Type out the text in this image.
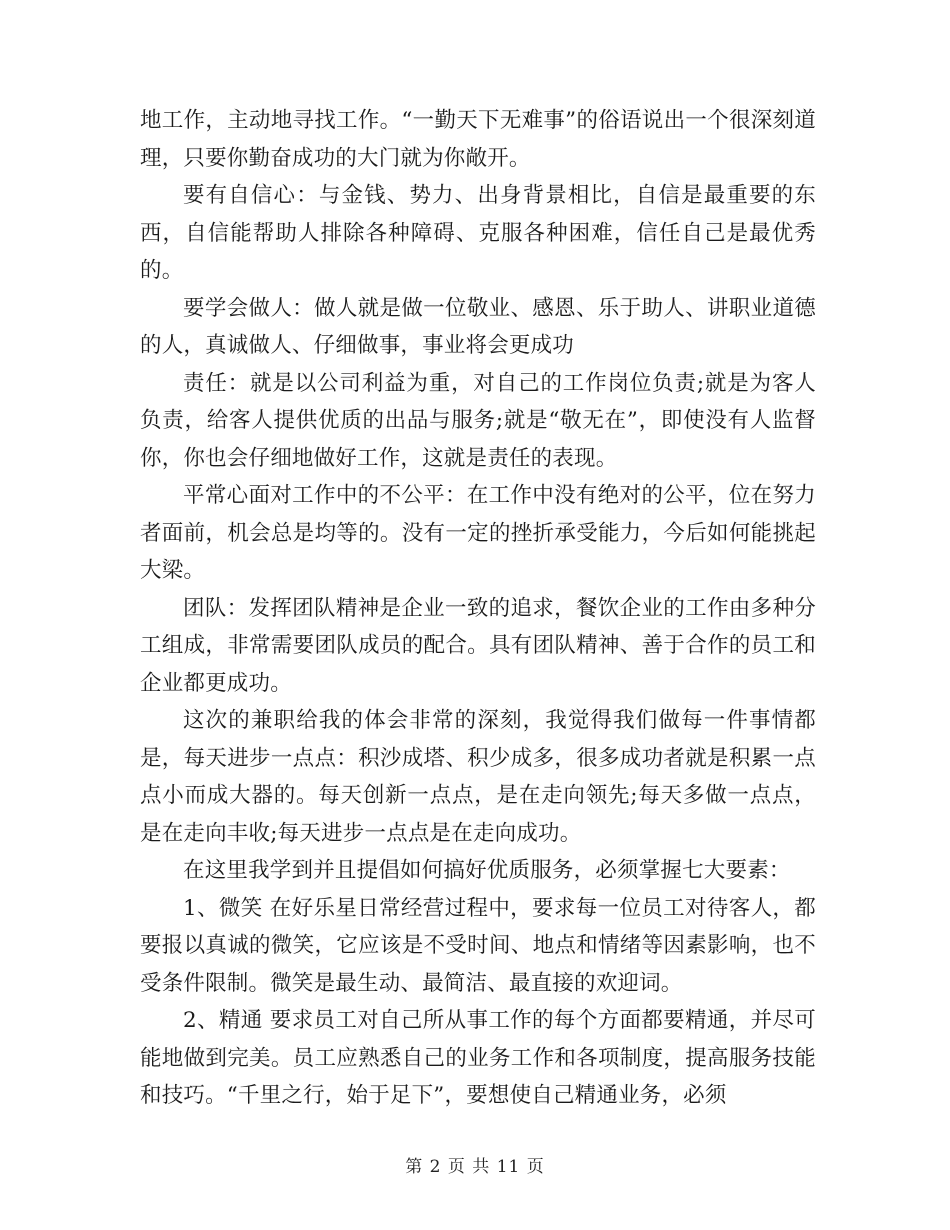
地工作，主动地寻找工作。“一勤天下无难事”的俗语说出一个很深刻道理，只要你勤奋成功的大门就为你敞开。

要有自信心：与金钱、势力、出身背景相比，自信是最重要的东西，自信能帮助人排除各种障碍、克服各种困难，信任自己是最优秀的。

要学会做人：做人就是做一位敬业、感恩、乐于助人、讲职业道德的人，真诚做人、仔细做事，事业将会更成功

责任：就是以公司利益为重，对自己的工作岗位负责;就是为客人负责，给客人提供优质的出品与服务;就是“敬无在”，即使没有人监督你，你也会仔细地做好工作，这就是责任的表现。

平常心面对工作中的不公平：在工作中没有绝对的公平，位在努力者面前，机会总是均等的。没有一定的挫折承受能力，今后如何能挑起大梁。

团队：发挥团队精神是企业一致的追求，餐饮企业的工作由多种分工组成，非常需要团队成员的配合。具有团队精神、善于合作的员工和企业都更成功。

这次的兼职给我的体会非常的深刻，我觉得我们做每一件事情都是，每天进步一点点：积沙成塔、积少成多，很多成功者就是积累一点点小而成大器的。每天创新一点点，是在走向领先;每天多做一点点，是在走向丰收;每天进步一点点是在走向成功。

在这里我学到并且提倡如何搞好优质服务，必须掌握七大要素：

1、微笑 在好乐星日常经营过程中，要求每一位员工对待客人，都要报以真诚的微笑，它应该是不受时间、地点和情绪等因素影响，也不受条件限制。微笑是最生动、最简洁、最直接的欢迎词。

2、精通 要求员工对自己所从事工作的每个方面都要精通，并尽可能地做到完美。员工应熟悉自己的业务工作和各项制度，提高服务技能和技巧。“千里之行，始于足下”，要想使自己精通业务，必须

第 2 页 共 11 页
